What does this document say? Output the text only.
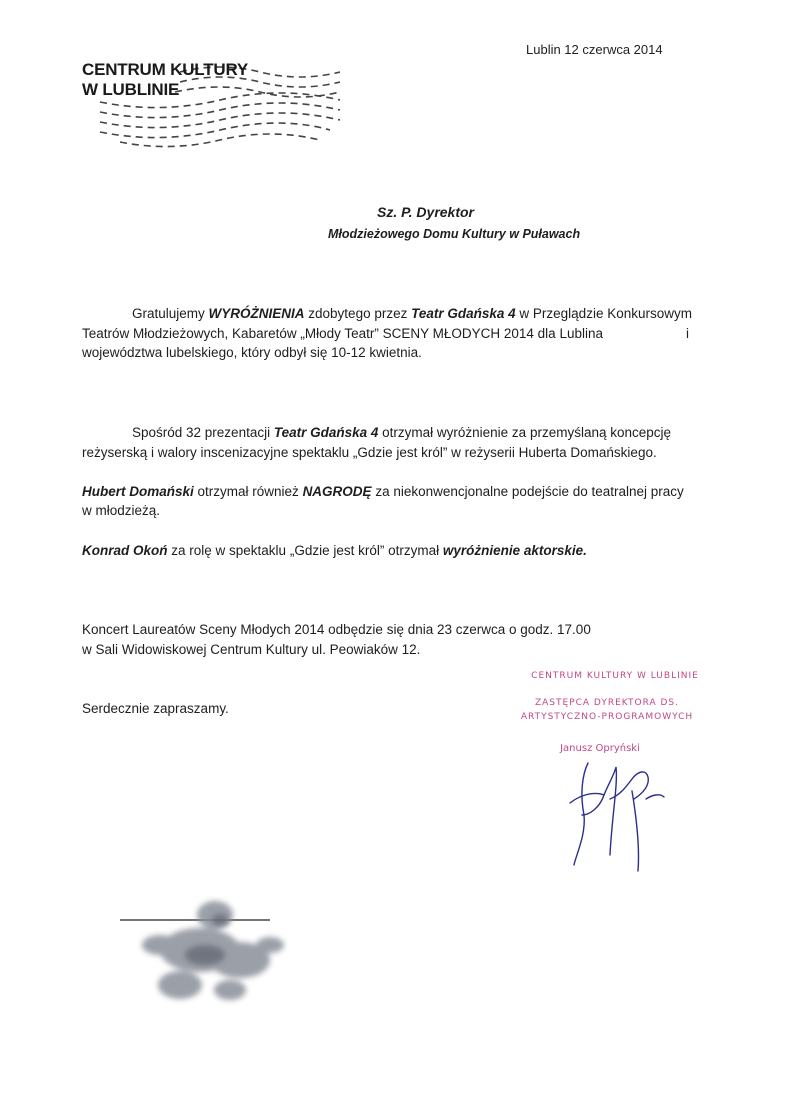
CENTRUM KULTURY
W LUBLINIE
Lublin 12 czerwca 2014
Sz. P. Dyrektor
Młodzieżowego Domu Kultury w Puławach
Gratulujemy WYRÓŻNIENIA zdobytego przez Teatr Gdańska 4 w Przeglądzie Konkursowym
Teatrów Młodzieżowych, Kabaretów „Młody Teatr” SCENY MŁODYCH 2014 dla Lublina	i
województwa lubelskiego, który odbył się 10-12 kwietnia.
Spośród 32 prezentacji Teatr Gdańska 4 otrzymał wyróżnienie za przemyślaną koncepcję
reżyserską i walory inscenizacyjne spektaklu „Gdzie jest król” w reżyserii Huberta Domańskiego.
Hubert Domański otrzymał również NAGRODĘ za niekonwencjonalne podejście do teatralnej pracy
w młodzieżą.
Konrad Okoń za rolę w spektaklu „Gdzie jest król” otrzymał wyróżnienie aktorskie.
Koncert Laureatów Sceny Młodych 2014 odbędzie się dnia 23 czerwca o godz. 17.00
w Sali Widowiskowej Centrum Kultury ul. Peowiaków 12.
Serdecznie zapraszamy.
CENTRUM KULTURY W LUBLINIE
ZASTĘPCA DYREKTORA DS.
ARTYSTYCZNO-PROGRAMOWYCH
Janusz Opryński
